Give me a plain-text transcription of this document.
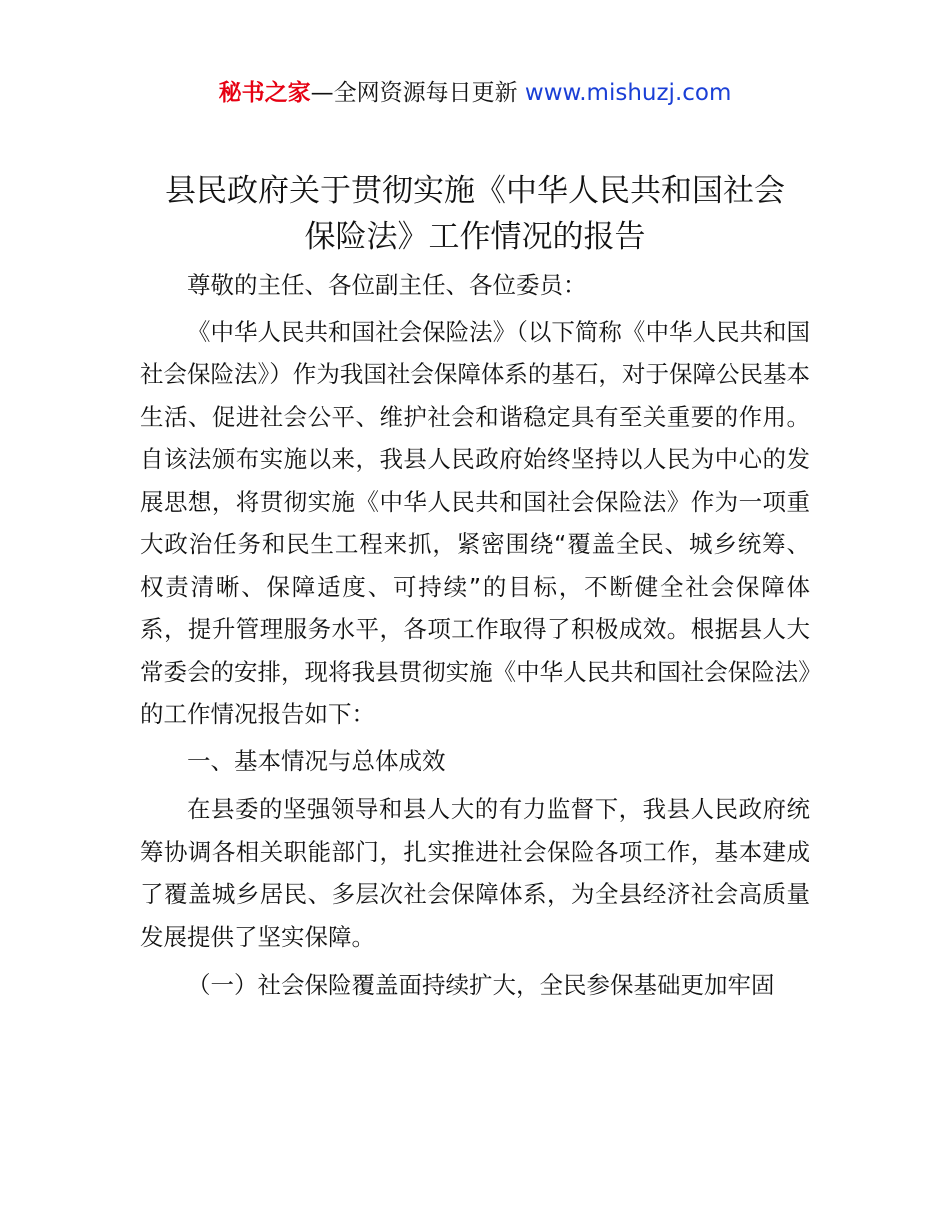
秘书之家—全网资源每日更新 www.mishuzj.com
县民政府关于贯彻实施《中华人民共和国社会
保险法》工作情况的报告

尊敬的主任、各位副主任、各位委员：

《中华人民共和国社会保险法》（以下简称《中华人民共和国社会保险法》）作为我国社会保障体系的基石，对于保障公民基本生活、促进社会公平、维护社会和谐稳定具有至关重要的作用。自该法颁布实施以来，我县人民政府始终坚持以人民为中心的发展思想，将贯彻实施《中华人民共和国社会保险法》作为一项重大政治任务和民生工程来抓，紧密围绕“覆盖全民、城乡统筹、权责清晰、保障适度、可持续”的目标，不断健全社会保障体系，提升管理服务水平，各项工作取得了积极成效。根据县人大常委会的安排，现将我县贯彻实施《中华人民共和国社会保险法》的工作情况报告如下：

一、基本情况与总体成效

在县委的坚强领导和县人大的有力监督下，我县人民政府统筹协调各相关职能部门，扎实推进社会保险各项工作，基本建成了覆盖城乡居民、多层次社会保障体系，为全县经济社会高质量发展提供了坚实保障。

（一）社会保险覆盖面持续扩大，全民参保基础更加牢固
